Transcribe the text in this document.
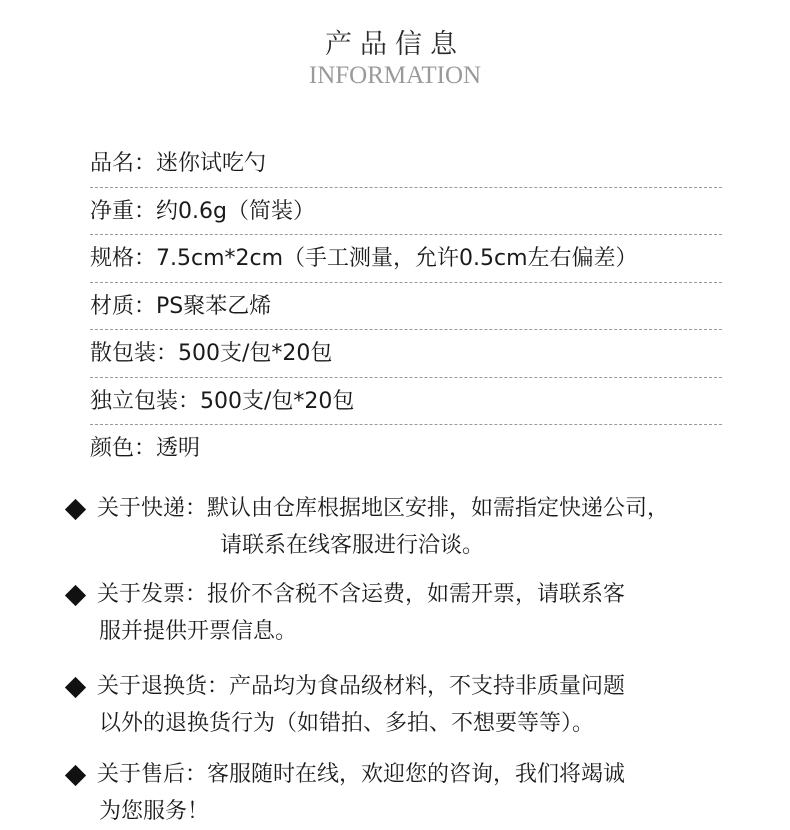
产品信息
INFORMATION
品名：迷你试吃勺
净重：约0.6g（简装）
规格：7.5cm*2cm（手工测量，允许0.5cm左右偏差）
材质：PS聚苯乙烯
散包装：500支/包*20包
独立包装：500支/包*20包
颜色：透明
关于快递：默认由仓库根据地区安排，如需指定快递公司，
请联系在线客服进行洽谈。
关于发票：报价不含税不含运费，如需开票，请联系客
服并提供开票信息。
关于退换货：产品均为食品级材料，不支持非质量问题
以外的退换货行为（如错拍、多拍、不想要等等）。
关于售后：客服随时在线，欢迎您的咨询，我们将竭诚
为您服务！
